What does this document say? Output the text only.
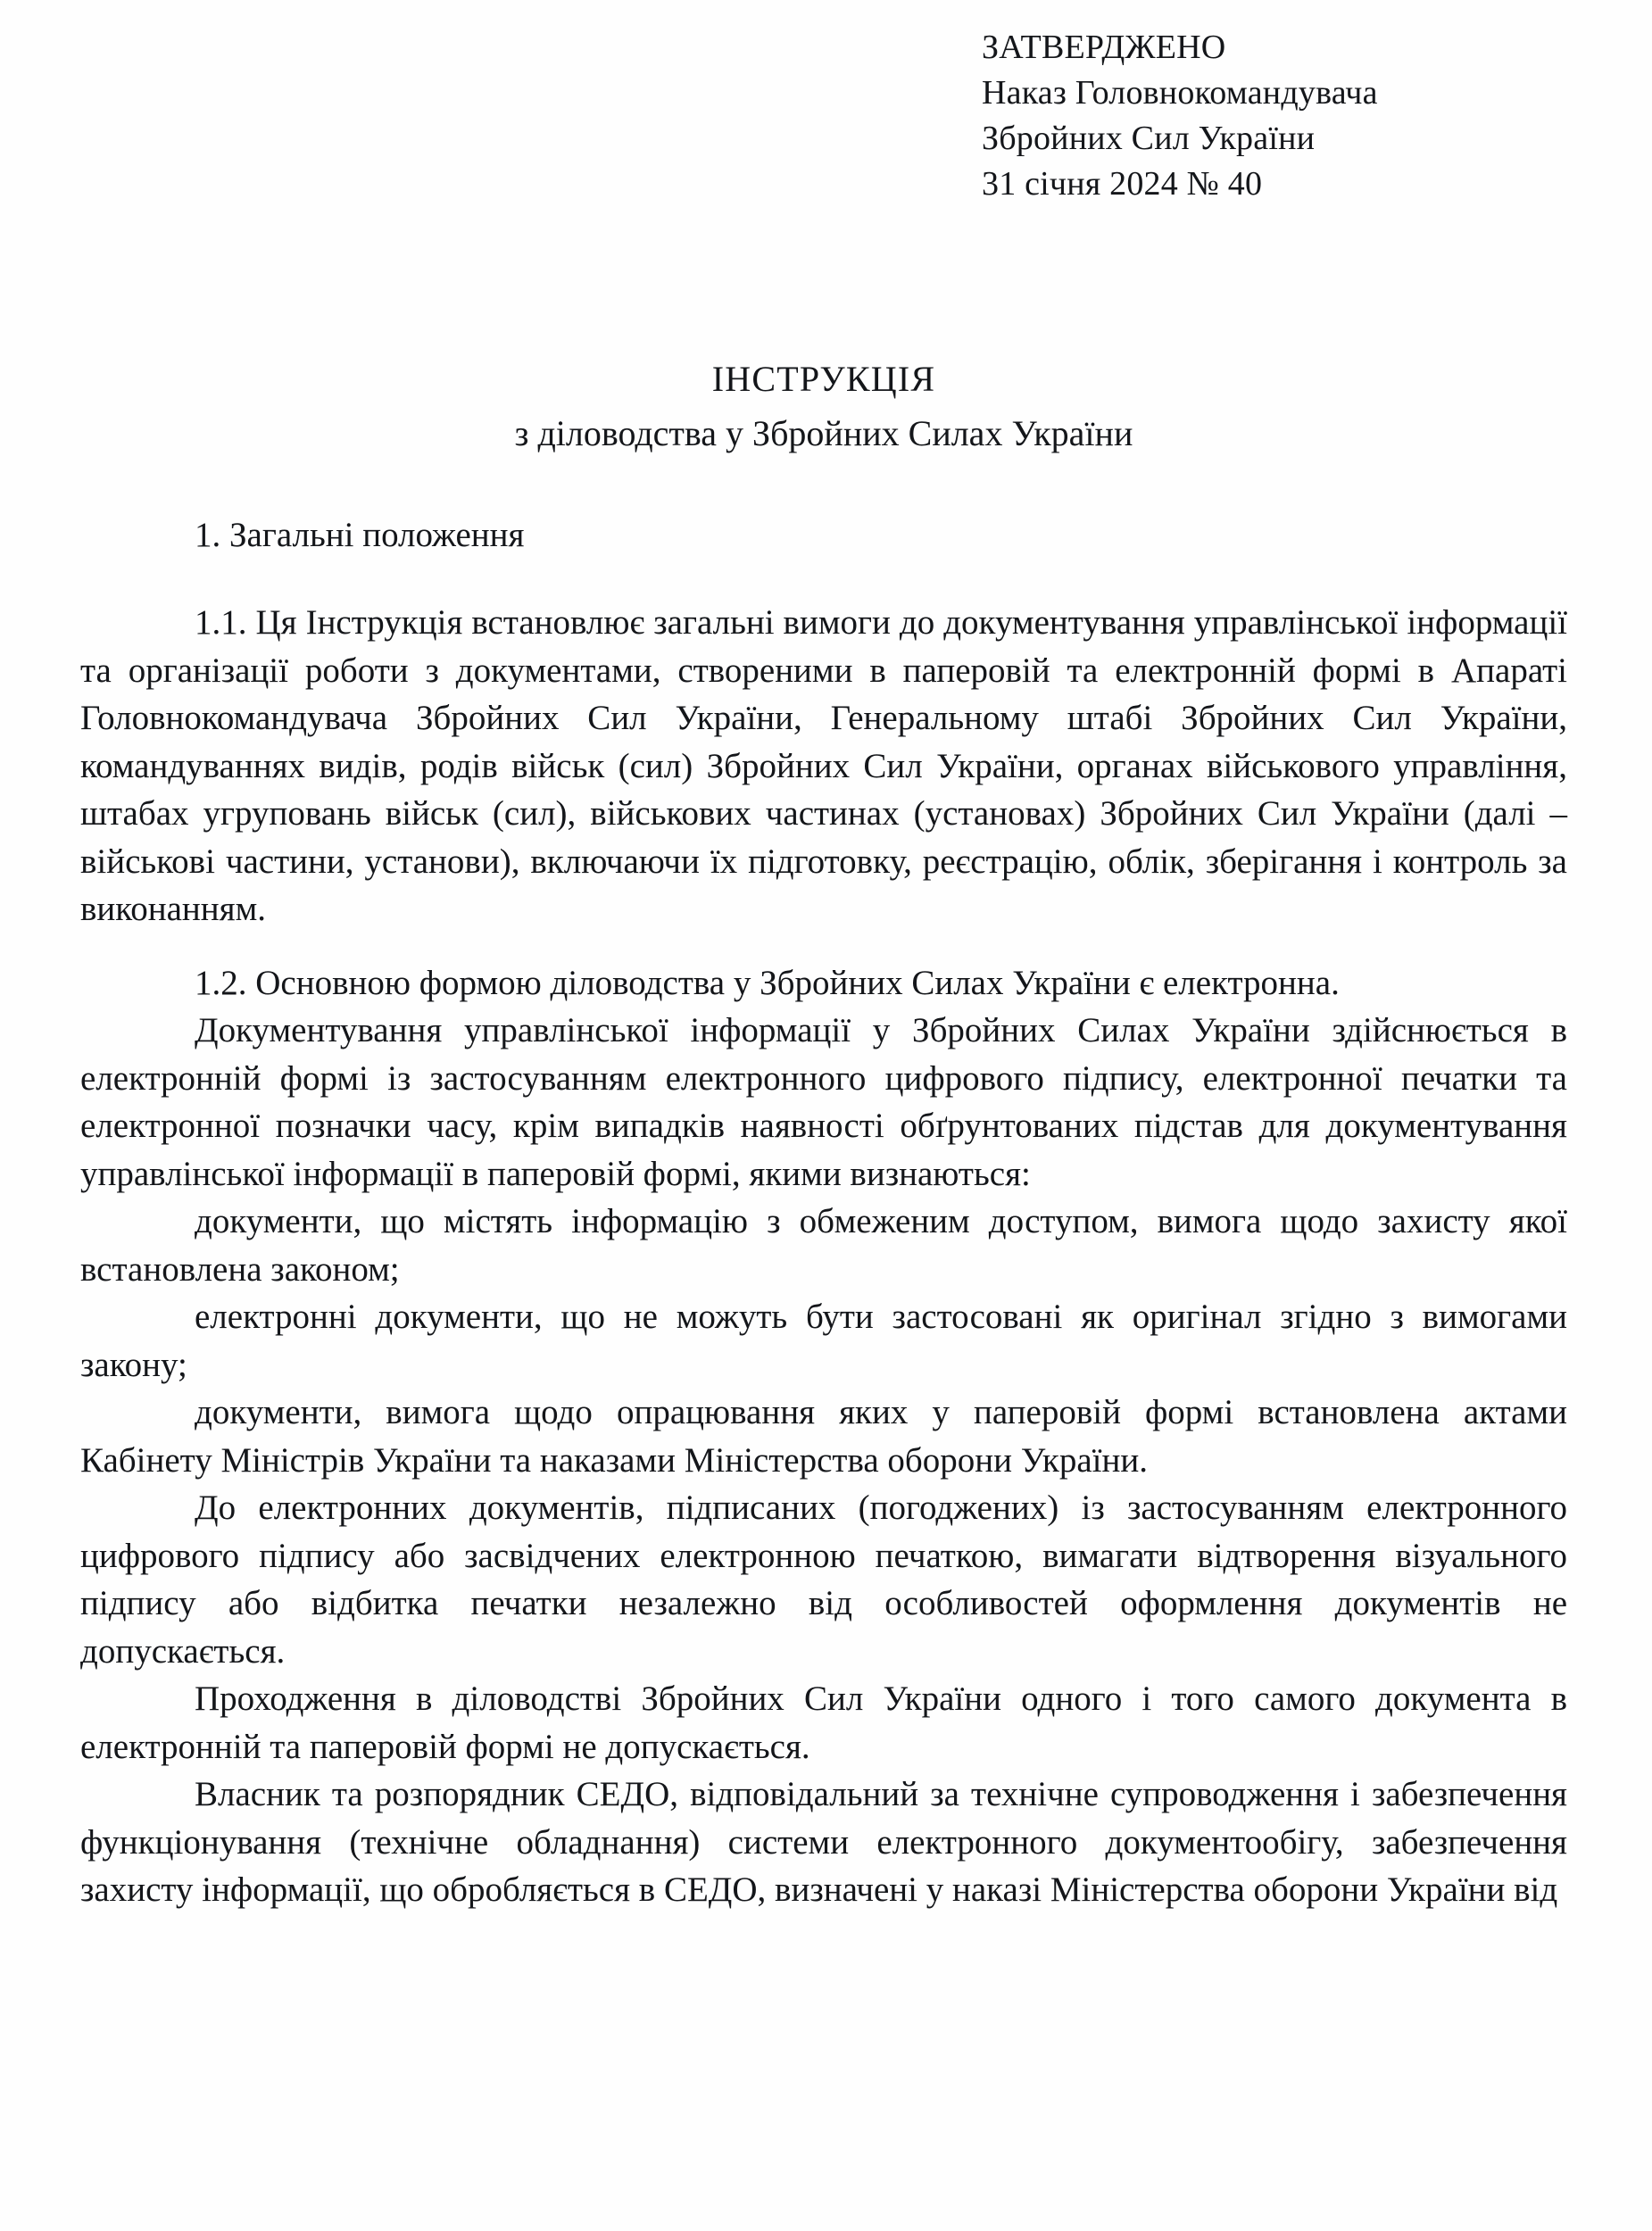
ЗАТВЕРДЖЕНО
Наказ Головнокомандувача
Збройних Сил України
31 січня 2024 № 40
ІНСТРУКЦІЯ
з діловодства у Збройних Силах України
1. Загальні положення

1.1. Ця Інструкція встановлює загальні вимоги до документування управлінської інформації та організації роботи з документами, створеними в паперовій та електронній формі в Апараті Головнокомандувача Збройних Сил України, Генеральному штабі Збройних Сил України, командуваннях видів, родів військ (сил) Збройних Сил України, органах військового управління, штабах угруповань військ (сил), військових частинах (установах) Збройних Сил України (далі – військові частини, установи), включаючи їх підготовку, реєстрацію, облік, зберігання і контроль за виконанням.

1.2. Основною формою діловодства у Збройних Силах України є електронна.

Документування управлінської інформації у Збройних Силах України здійснюється в електронній формі із застосуванням електронного цифрового підпису, електронної печатки та електронної позначки часу, крім випадків наявності обґрунтованих підстав для документування управлінської інформації в паперовій формі, якими визнаються:

документи, що містять інформацію з обмеженим доступом, вимога щодо захисту якої встановлена законом;

електронні документи, що не можуть бути застосовані як оригінал згідно з вимогами закону;

документи, вимога щодо опрацювання яких у паперовій формі встановлена актами Кабінету Міністрів України та наказами Міністерства оборони України.

До електронних документів, підписаних (погоджених) із застосуванням електронного цифрового підпису або засвідчених електронною печаткою, вимагати відтворення візуального підпису або відбитка печатки незалежно від особливостей оформлення документів не допускається.

Проходження в діловодстві Збройних Сил України одного і того самого документа в електронній та паперовій формі не допускається.

Власник та розпорядник СЕДО, відповідальний за технічне супроводження і забезпечення функціонування (технічне обладнання) системи електронного документообігу, забезпечення захисту інформації, що обробляється в СЕДО, визначені у наказі Міністерства оборони України від
